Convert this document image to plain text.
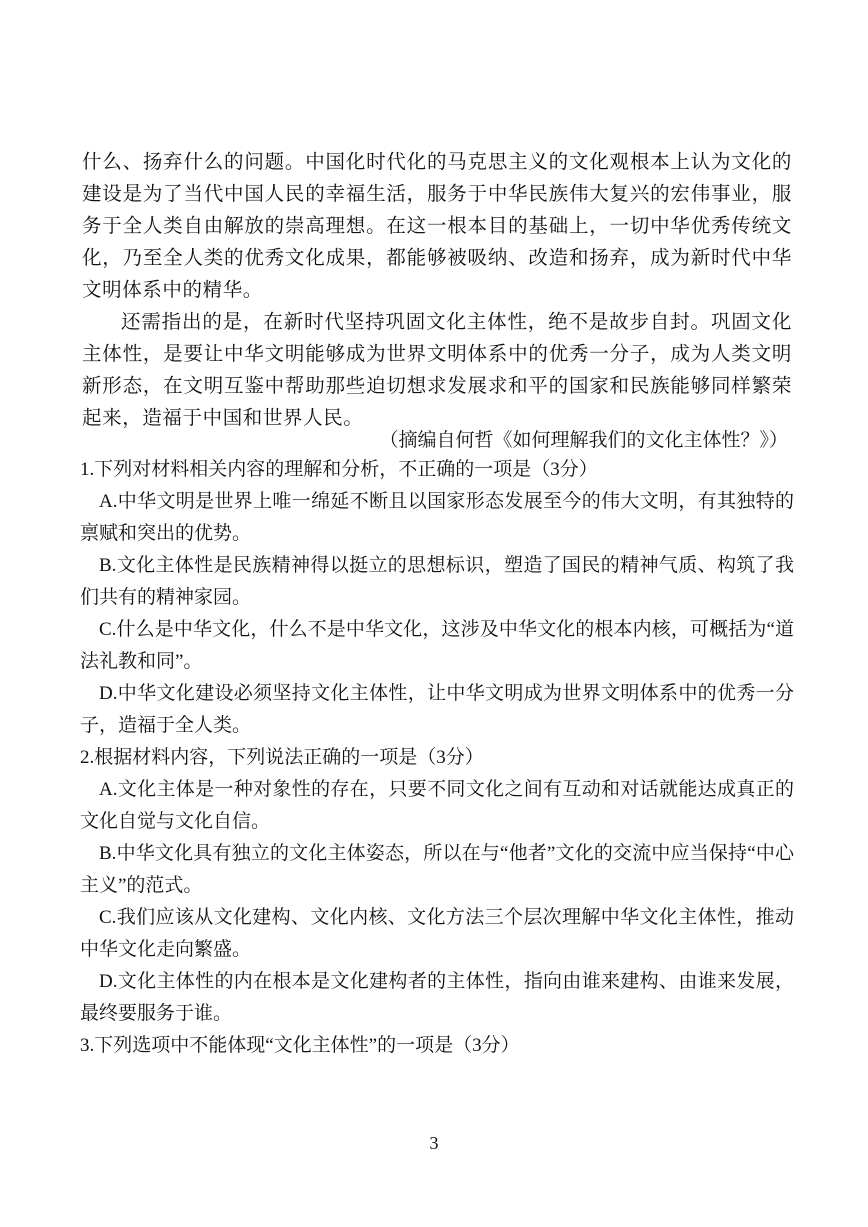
什么、扬弃什么的问题。中国化时代化的马克思主义的文化观根本上认为文化的建设是为了当代中国人民的幸福生活，服务于中华民族伟大复兴的宏伟事业，服务于全人类自由解放的崇高理想。在这一根本目的基础上，一切中华优秀传统文化，乃至全人类的优秀文化成果，都能够被吸纳、改造和扬弃，成为新时代中华文明体系中的精华。

还需指出的是，在新时代坚持巩固文化主体性，绝不是故步自封。巩固文化主体性，是要让中华文明能够成为世界文明体系中的优秀一分子，成为人类文明新形态，在文明互鉴中帮助那些迫切想求发展求和平的国家和民族能够同样繁荣起来，造福于中国和世界人民。

（摘编自何哲《如何理解我们的文化主体性？》）

1.下列对材料相关内容的理解和分析，不正确的一项是（3分）

A.中华文明是世界上唯一绵延不断且以国家形态发展至今的伟大文明，有其独特的禀赋和突出的优势。

B.文化主体性是民族精神得以挺立的思想标识，塑造了国民的精神气质、构筑了我们共有的精神家园。

C.什么是中华文化，什么不是中华文化，这涉及中华文化的根本内核，可概括为“道法礼教和同”。

D.中华文化建设必须坚持文化主体性，让中华文明成为世界文明体系中的优秀一分子，造福于全人类。

2.根据材料内容，下列说法正确的一项是（3分）

A.文化主体是一种对象性的存在，只要不同文化之间有互动和对话就能达成真正的文化自觉与文化自信。

B.中华文化具有独立的文化主体姿态，所以在与“他者”文化的交流中应当保持“中心主义”的范式。

C.我们应该从文化建构、文化内核、文化方法三个层次理解中华文化主体性，推动中华文化走向繁盛。

D.文化主体性的内在根本是文化建构者的主体性，指向由谁来建构、由谁来发展，最终要服务于谁。

3.下列选项中不能体现“文化主体性”的一项是（3分）

3
